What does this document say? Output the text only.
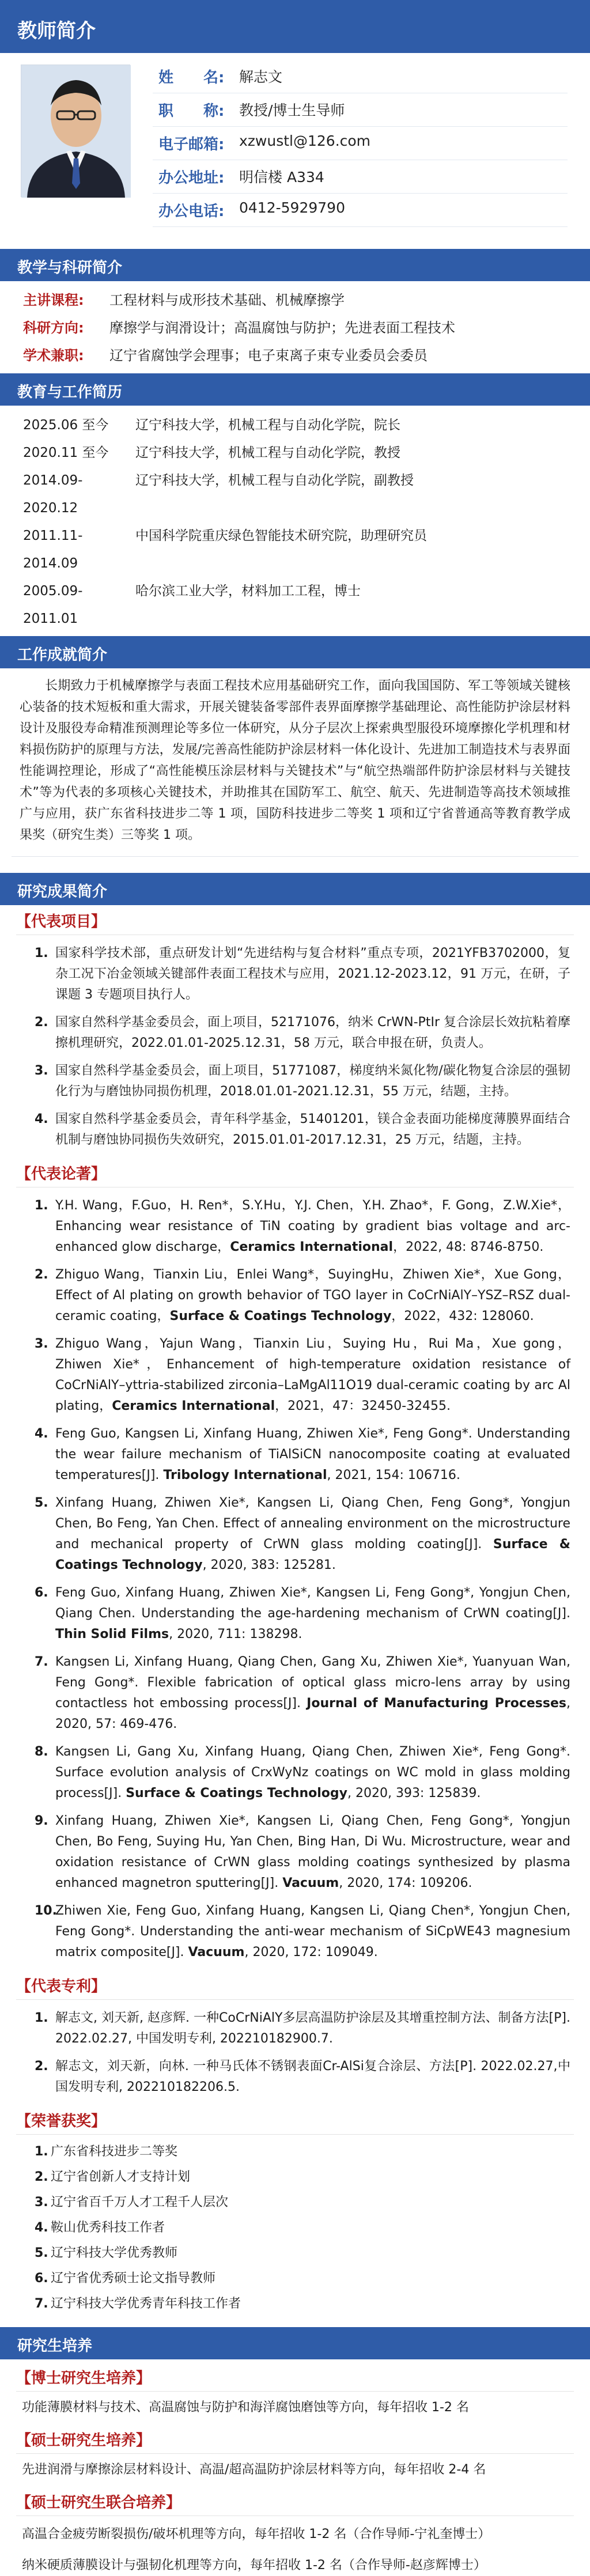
教师简介
姓　　名:	解志文
职　　称:	教授/博士生导师
电子邮箱:	xzwustl@126.com
办公地址:	明信楼 A334
办公电话:	0412-5929790
教学与科研简介
主讲课程:	工程材料与成形技术基础、机械摩擦学
科研方向:	摩擦学与润滑设计；高温腐蚀与防护；先进表面工程技术
学术兼职:	辽宁省腐蚀学会理事；电子束离子束专业委员会委员
教育与工作简历
2025.06 至今	辽宁科技大学，机械工程与自动化学院，院长
2020.11 至今	辽宁科技大学，机械工程与自动化学院，教授
2014.09-2020.12
辽宁科技大学，机械工程与自动化学院，副教授
2011.11-2014.09
中国科学院重庆绿色智能技术研究院，助理研究员
2005.09-2011.01
哈尔滨工业大学，材料加工工程，博士
工作成就简介

长期致力于机械摩擦学与表面工程技术应用基础研究工作，面向我国国防、军工等领域关键核心装备的技术短板和重大需求，开展关键装备零部件表界面摩擦学基础理论、高性能防护涂层材料设计及服役寿命精准预测理论等多位一体研究，从分子层次上探索典型服役环境摩擦化学机理和材料损伤防护的原理与方法，发展/完善高性能防护涂层材料一体化设计、先进加工制造技术与表界面性能调控理论，形成了“高性能模压涂层材料与关键技术”与“航空热端部件防护涂层材料与关键技术”等为代表的多项核心关键技术，并助推其在国防军工、航空、航天、先进制造等高技术领域推广与应用，获广东省科技进步二等 1 项，国防科技进步二等奖 1 项和辽宁省普通高等教育教学成果奖（研究生类）三等奖 1 项。

研究成果简介
【代表项目】
1. 国家科学技术部，重点研发计划“先进结构与复合材料”重点专项，2021YFB3702000，复杂工况下冶金领域关键部件表面工程技术与应用，2021.12-2023.12，91 万元，在研，子课题 3 专题项目执行人。
2. 国家自然科学基金委员会，面上项目，52171076，纳米 CrWN-PtIr 复合涂层长效抗粘着摩擦机理研究，2022.01.01-2025.12.31，58 万元，联合申报在研，负责人。
3. 国家自然科学基金委员会，面上项目，51771087，梯度纳米氮化物/碳化物复合涂层的强韧化行为与磨蚀协同损伤机理，2018.01.01-2021.12.31，55 万元，结题，主持。
4. 国家自然科学基金委员会，青年科学基金，51401201，镁合金表面功能梯度薄膜界面结合机制与磨蚀协同损伤失效研究，2015.01.01-2017.12.31，25 万元，结题，主持。
【代表论著】
1. Y.H. Wang，F.Guo，H. Ren*，S.Y.Hu，Y.J. Chen，Y.H. Zhao*，F. Gong，Z.W.Xie*，Enhancing wear resistance of TiN coating by gradient bias voltage and arc-enhanced glow discharge，Ceramics International，2022, 48: 8746-8750.
2. Zhiguo Wang，Tianxin Liu，Enlei Wang*，SuyingHu，Zhiwen Xie*，Xue Gong，Effect of Al plating on growth behavior of TGO layer in CoCrNiAlY–YSZ–RSZ dual-ceramic coating，Surface & Coatings Technology，2022，432: 128060.
3. Zhiguo Wang，Yajun Wang，Tianxin Liu，Suying Hu，Rui Ma，Xue gong，Zhiwen Xie*，Enhancement of high-temperature oxidation resistance of CoCrNiAlY–yttria-stabilized zirconia–LaMgAl11O19 dual-ceramic coating by arc Al plating，Ceramics International，2021，47：32450-32455.
4. Feng Guo, Kangsen Li, Xinfang Huang, Zhiwen Xie*, Feng Gong*. Understanding the wear failure mechanism of TiAlSiCN nanocomposite coating at evaluated temperatures[J]. Tribology International, 2021, 154: 106716.
5. Xinfang Huang, Zhiwen Xie*, Kangsen Li, Qiang Chen, Feng Gong*, Yongjun Chen, Bo Feng, Yan Chen. Effect of annealing environment on the microstructure and mechanical property of CrWN glass molding coating[J]. Surface & Coatings Technology, 2020, 383: 125281.
6. Feng Guo, Xinfang Huang, Zhiwen Xie*, Kangsen Li, Feng Gong*, Yongjun Chen, Qiang Chen. Understanding the age-hardening mechanism of CrWN coating[J]. Thin Solid Films, 2020, 711: 138298.
7. Kangsen Li, Xinfang Huang, Qiang Chen, Gang Xu, Zhiwen Xie*, Yuanyuan Wan, Feng Gong*. Flexible fabrication of optical glass micro-lens array by using contactless hot embossing process[J]. Journal of Manufacturing Processes, 2020, 57: 469-476.
8. Kangsen Li, Gang Xu, Xinfang Huang, Qiang Chen, Zhiwen Xie*, Feng Gong*. Surface evolution analysis of CrxWyNz coatings on WC mold in glass molding process[J]. Surface & Coatings Technology, 2020, 393: 125839.
9. Xinfang Huang, Zhiwen Xie*, Kangsen Li, Qiang Chen, Feng Gong*, Yongjun Chen, Bo Feng, Suying Hu, Yan Chen, Bing Han, Di Wu. Microstructure, wear and oxidation resistance of CrWN glass molding coatings synthesized by plasma enhanced magnetron sputtering[J]. Vacuum, 2020, 174: 109206.
10.
Zhiwen Xie, Feng Guo, Xinfang Huang, Kangsen Li, Qiang Chen*, Yongjun Chen, Feng Gong*. Understanding the anti-wear mechanism of SiCpWE43 magnesium matrix composite[J]. Vacuum, 2020, 172: 109049.
【代表专利】
1. 解志文, 刘天新, 赵彦辉. 一种CoCrNiAlY多层高温防护涂层及其增重控制方法、制备方法[P]. 2022.02.27, 中国发明专利, 202210182900.7.
2. 解志文，刘天新，向林. 一种马氏体不锈钢表面Cr-AlSi复合涂层、方法[P]. 2022.02.27,中国发明专利, 202210182206.5.
【荣誉获奖】
1. 广东省科技进步二等奖
2. 辽宁省创新人才支持计划
3. 辽宁省百千万人才工程千人层次
4. 鞍山优秀科技工作者
5. 辽宁科技大学优秀教师
6. 辽宁省优秀硕士论文指导教师
7. 辽宁科技大学优秀青年科技工作者
研究生培养
【博士研究生培养】
功能薄膜材料与技术、高温腐蚀与防护和海洋腐蚀磨蚀等方向，每年招收 1-2 名
【硕士研究生培养】
先进润滑与摩擦涂层材料设计、高温/超高温防护涂层材料等方向，每年招收 2-4 名
【硕士研究生联合培养】
高温合金疲劳断裂损伤/破坏机理等方向，每年招收 1-2 名（合作导师-宁礼奎博士）
纳米硬质薄膜设计与强韧化机理等方向，每年招收 1-2 名（合作导师-赵彦辉博士）
